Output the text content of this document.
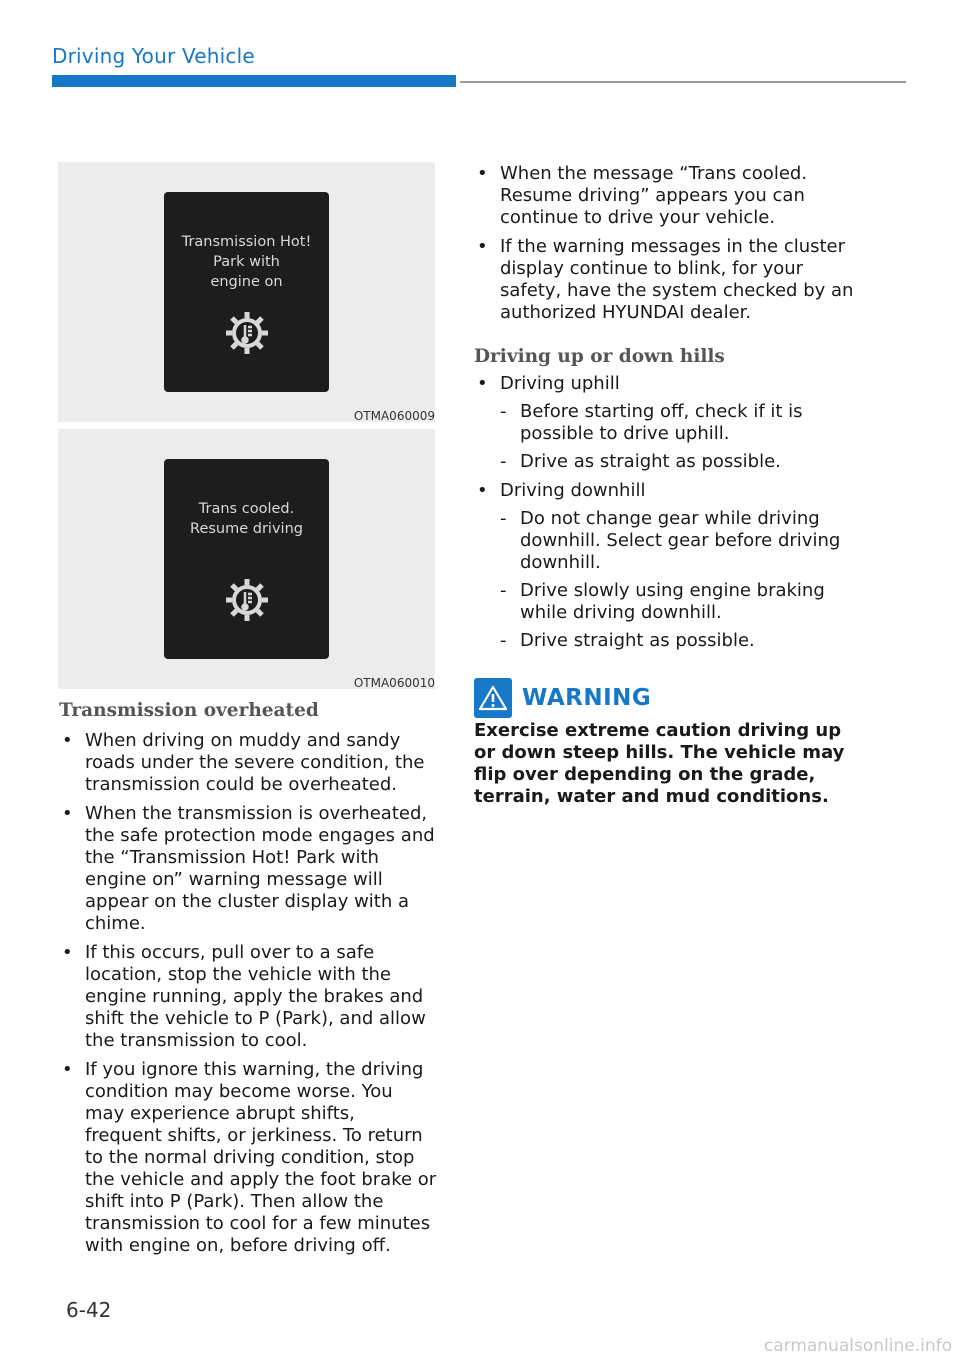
Driving Your Vehicle
Transmission Hot!
Park with
engine on
OTMA060009
Trans cooled.
Resume driving
OTMA060010
Transmission overheated
• When driving on muddy and sandy roads under the severe condition, the transmission could be overheated.
• When the transmission is overheated, the safe protection mode engages and the “Transmission Hot! Park with engine on” warning message will appear on the cluster display with a chime.
• If this occurs, pull over to a safe location, stop the vehicle with the engine running, apply the brakes and shift the vehicle to P (Park), and allow the transmission to cool.
• If you ignore this warning, the driving condition may become worse. You may experience abrupt shifts, frequent shifts, or jerkiness. To return to the normal driving condition, stop the vehicle and apply the foot brake or shift into P (Park). Then allow the transmission to cool for a few minutes with engine on, before driving off.
• When the message “Trans cooled. Resume driving” appears you can continue to drive your vehicle.
• If the warning messages in the cluster display continue to blink, for your safety, have the system checked by an authorized HYUNDAI dealer.
Driving up or down hills
• Driving uphill
- Before starting off, check if it is possible to drive uphill.
- Drive as straight as possible.
• Driving downhill
- Do not change gear while driving downhill. Select gear before driving downhill.
- Drive slowly using engine braking while driving downhill.
- Drive straight as possible.
WARNING
Exercise extreme caution driving up or down steep hills. The vehicle may flip over depending on the grade, terrain, water and mud conditions.
6-42
carmanualsonline.info
